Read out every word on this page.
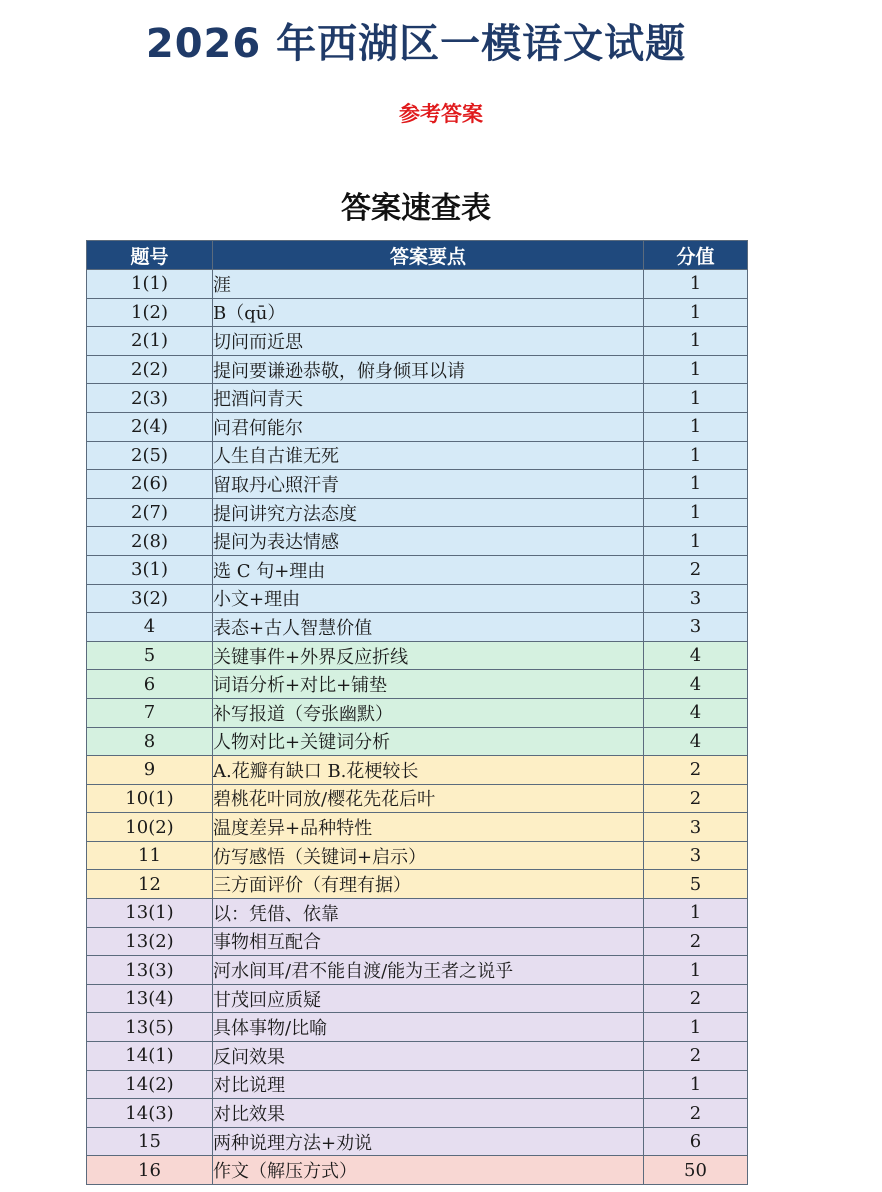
2026 年西湖区一模语文试题
参考答案
答案速查表
题号	答案要点	分值
1(1)	涯	1
1(2)	B（qū）	1
2(1)	切问而近思	1
2(2)	提问要谦逊恭敬，俯身倾耳以请	1
2(3)	把酒问青天	1
2(4)	问君何能尔	1
2(5)	人生自古谁无死	1
2(6)	留取丹心照汗青	1
2(7)	提问讲究方法态度	1
2(8)	提问为表达情感	1
3(1)	选 C 句+理由	2
3(2)	小文+理由	3
4	表态+古人智慧价值	3
5	关键事件+外界反应折线	4
6	词语分析+对比+铺垫	4
7	补写报道（夸张幽默）	4
8	人物对比+关键词分析	4
9	A.花瓣有缺口 B.花梗较长	2
10(1)	碧桃花叶同放/樱花先花后叶	2
10(2)	温度差异+品种特性	3
11	仿写感悟（关键词+启示）	3
12	三方面评价（有理有据）	5
13(1)	以：凭借、依靠	1
13(2)	事物相互配合	2
13(3)	河水间耳/君不能自渡/能为王者之说乎	1
13(4)	甘茂回应质疑	2
13(5)	具体事物/比喻	1
14(1)	反问效果	2
14(2)	对比说理	1
14(3)	对比效果	2
15	两种说理方法+劝说	6
16	作文（解压方式）	50
